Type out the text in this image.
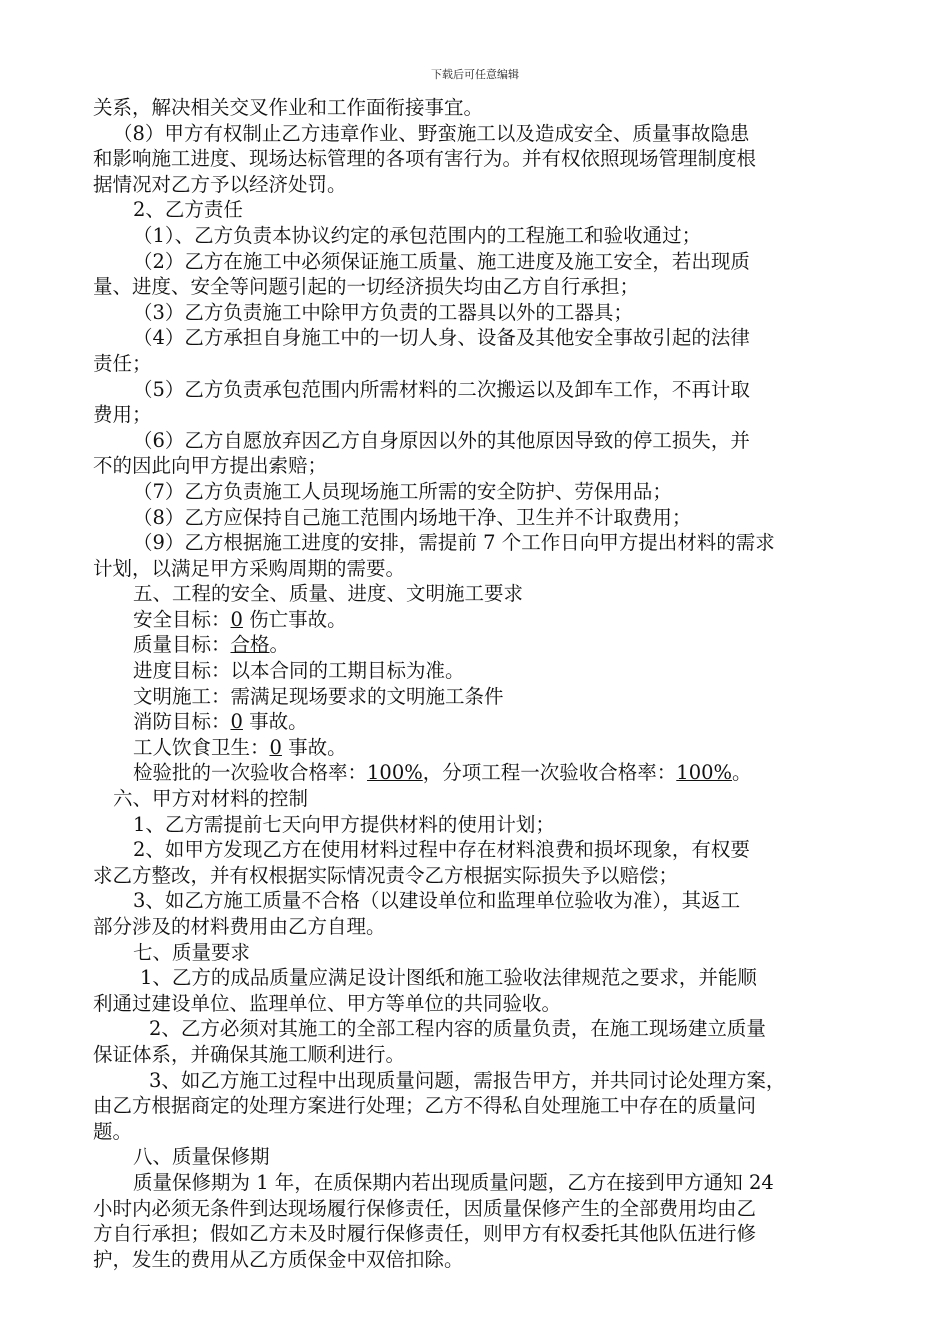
下载后可任意编辑
关系，解决相关交叉作业和工作面衔接事宜。
（8）甲方有权制止乙方违章作业、野蛮施工以及造成安全、质量事故隐患
和影响施工进度、现场达标管理的各项有害行为。并有权依照现场管理制度根
据情况对乙方予以经济处罚。
2、乙方责任
（1）、乙方负责本协议约定的承包范围内的工程施工和验收通过；
（2）乙方在施工中必须保证施工质量、施工进度及施工安全，若出现质
量、进度、安全等问题引起的一切经济损失均由乙方自行承担；
（3）乙方负责施工中除甲方负责的工器具以外的工器具；
（4）乙方承担自身施工中的一切人身、设备及其他安全事故引起的法律
责任；
（5）乙方负责承包范围内所需材料的二次搬运以及卸车工作，不再计取
费用；
（6）乙方自愿放弃因乙方自身原因以外的其他原因导致的停工损失，并
不的因此向甲方提出索赔；
（7）乙方负责施工人员现场施工所需的安全防护、劳保用品；
（8）乙方应保持自己施工范围内场地干净、卫生并不计取费用；
（9）乙方根据施工进度的安排，需提前 7 个工作日向甲方提出材料的需求
计划，以满足甲方采购周期的需要。
五、工程的安全、质量、进度、文明施工要求
安全目标：0 伤亡事故。
质量目标：合格。
进度目标：以本合同的工期目标为准。
文明施工：需满足现场要求的文明施工条件
消防目标：0 事故。
工人饮食卫生：0 事故。
检验批的一次验收合格率：100%，分项工程一次验收合格率：100%。
六、甲方对材料的控制
1、乙方需提前七天向甲方提供材料的使用计划；
2、如甲方发现乙方在使用材料过程中存在材料浪费和损坏现象，有权要
求乙方整改，并有权根据实际情况责令乙方根据实际损失予以赔偿；
3、如乙方施工质量不合格（以建设单位和监理单位验收为准），其返工
部分涉及的材料费用由乙方自理。
七、质量要求
1、乙方的成品质量应满足设计图纸和施工验收法律规范之要求，并能顺
利通过建设单位、监理单位、甲方等单位的共同验收。
2、乙方必须对其施工的全部工程内容的质量负责，在施工现场建立质量
保证体系，并确保其施工顺利进行。
3、如乙方施工过程中出现质量问题，需报告甲方，并共同讨论处理方案，
由乙方根据商定的处理方案进行处理；乙方不得私自处理施工中存在的质量问
题。
八、质量保修期
质量保修期为 1 年，在质保期内若出现质量问题，乙方在接到甲方通知 24
小时内必须无条件到达现场履行保修责任，因质量保修产生的全部费用均由乙
方自行承担；假如乙方未及时履行保修责任，则甲方有权委托其他队伍进行修
护，发生的费用从乙方质保金中双倍扣除。
